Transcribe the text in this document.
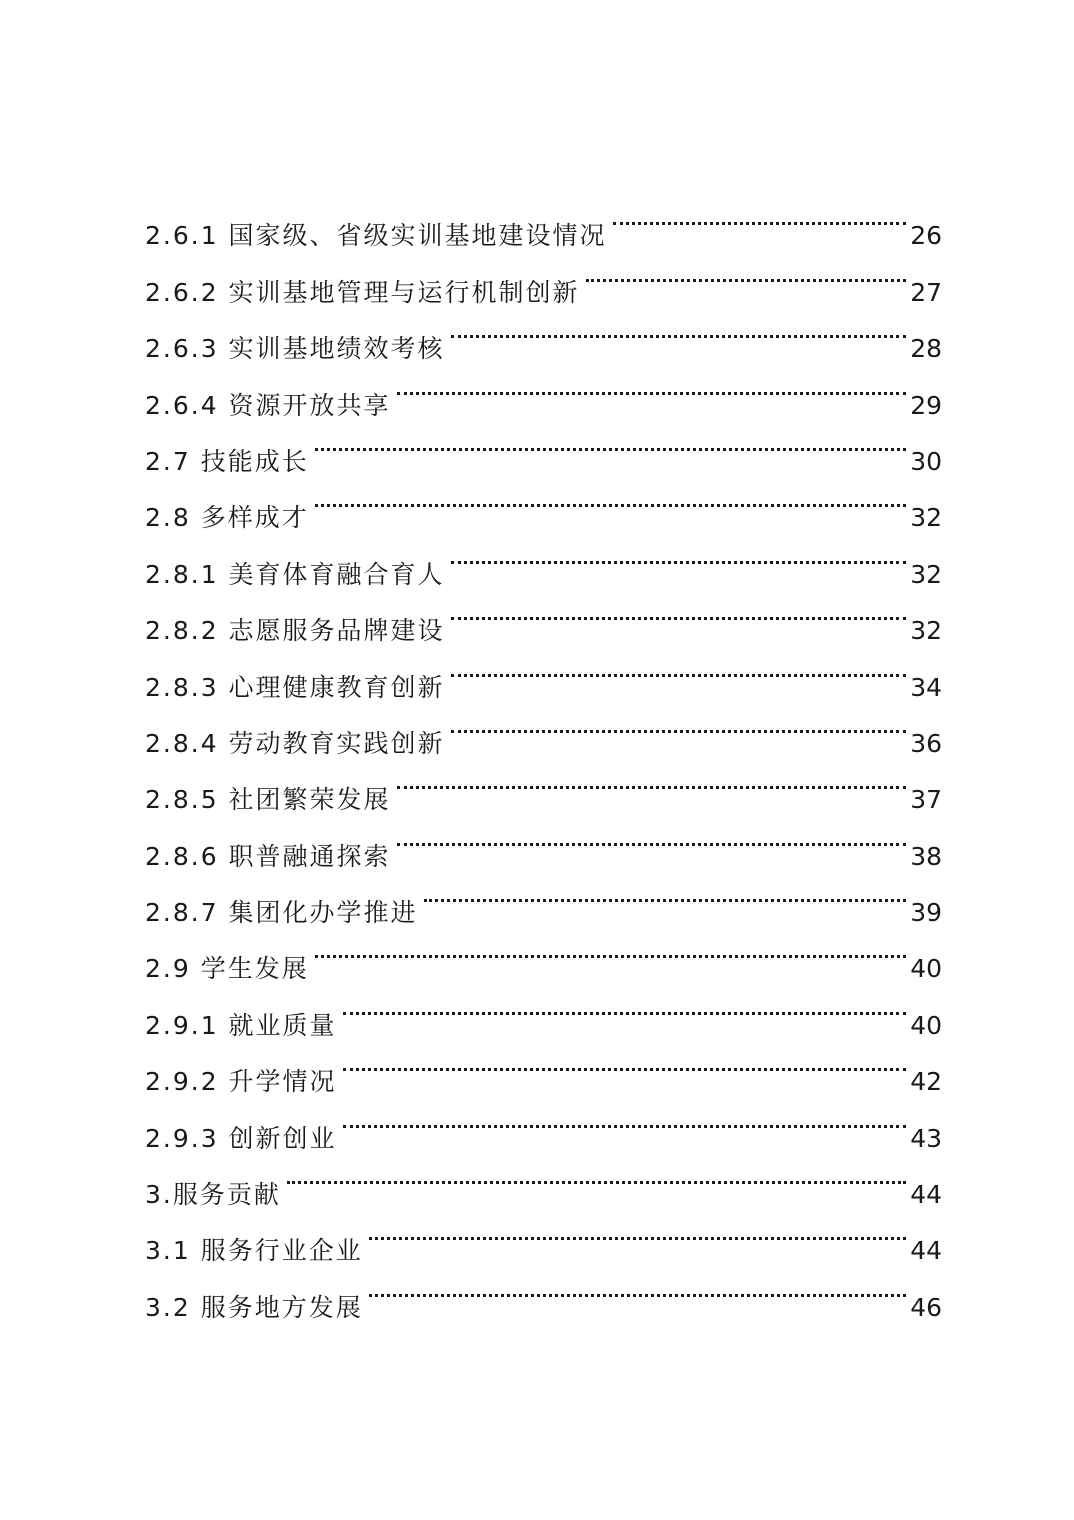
2.6.1 国家级、省级实训基地建设情况	26
2.6.2 实训基地管理与运行机制创新	27
2.6.3 实训基地绩效考核	28
2.6.4 资源开放共享	29
2.7 技能成长	30
2.8 多样成才	32
2.8.1 美育体育融合育人	32
2.8.2 志愿服务品牌建设	32
2.8.3 心理健康教育创新	34
2.8.4 劳动教育实践创新	36
2.8.5 社团繁荣发展	37
2.8.6 职普融通探索	38
2.8.7 集团化办学推进	39
2.9 学生发展	40
2.9.1 就业质量	40
2.9.2 升学情况	42
2.9.3 创新创业	43
3.服务贡献	44
3.1 服务行业企业	44
3.2 服务地方发展	46
